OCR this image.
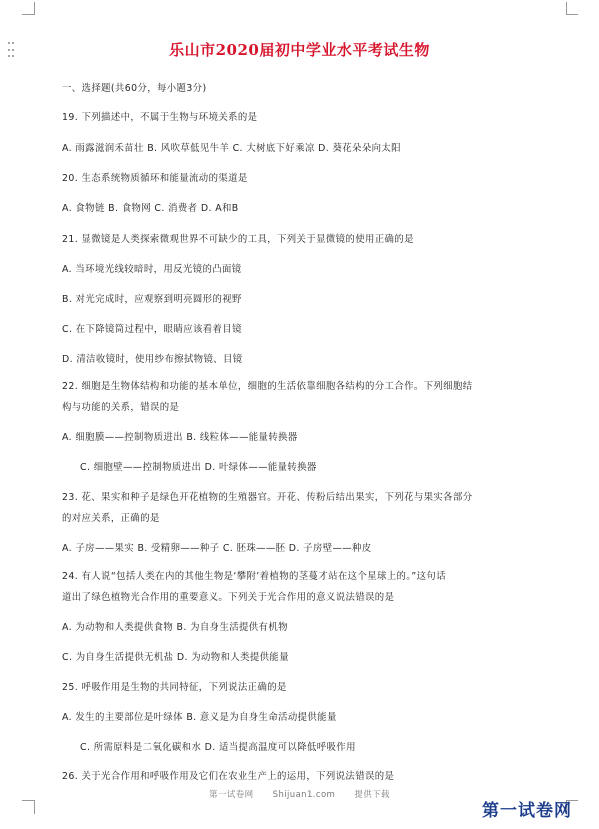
乐山市2020届初中学业水平考试生物
一、选择题(共60分，每小题3分)
19. 下列描述中，不属于生物与环境关系的是
A. 雨露滋润禾苗壮 B. 风吹草低见牛羊 C. 大树底下好乘凉 D. 葵花朵朵向太阳
20. 生态系统物质循环和能量流动的渠道是
A. 食物链 B. 食物网 C. 消费者 D. A和B
21. 显微镜是人类探索微观世界不可缺少的工具，下列关于显微镜的使用正确的是
A. 当环境光线较暗时，用反光镜的凸面镜
B. 对光完成时，应观察到明亮圆形的视野
C. 在下降镜筒过程中，眼睛应该看着目镜
D. 清洁收镜时，使用纱布擦拭物镜、目镜
22. 细胞是生物体结构和功能的基本单位，细胞的生活依靠细胞各结构的分工合作。下列细胞结
构与功能的关系，错误的是
A. 细胞膜——控制物质进出 B. 线粒体——能量转换器
C. 细胞壁——控制物质进出 D. 叶绿体——能量转换器
23. 花、果实和种子是绿色开花植物的生殖器官。开花、传粉后结出果实，下列花与果实各部分
的对应关系，正确的是
A. 子房——果实 B. 受精卵——种子 C. 胚珠——胚 D. 子房壁——种皮
24. 有人说“包括人类在内的其他生物是‘攀附’着植物的茎蔓才站在这个星球上的。”这句话
道出了绿色植物光合作用的重要意义。下列关于光合作用的意义说法错误的是
A. 为动物和人类提供食物 B. 为自身生活提供有机物
C. 为自身生活提供无机盐 D. 为动物和人类提供能量
25. 呼吸作用是生物的共同特征，下列说法正确的是
A. 发生的主要部位是叶绿体 B. 意义是为自身生命活动提供能量
C. 所需原料是二氧化碳和水 D. 适当提高温度可以降低呼吸作用
26. 关于光合作用和呼吸作用及它们在农业生产上的运用，下列说法错误的是
第一试卷网 Shijuan1.com 提供下载
第一试卷网
